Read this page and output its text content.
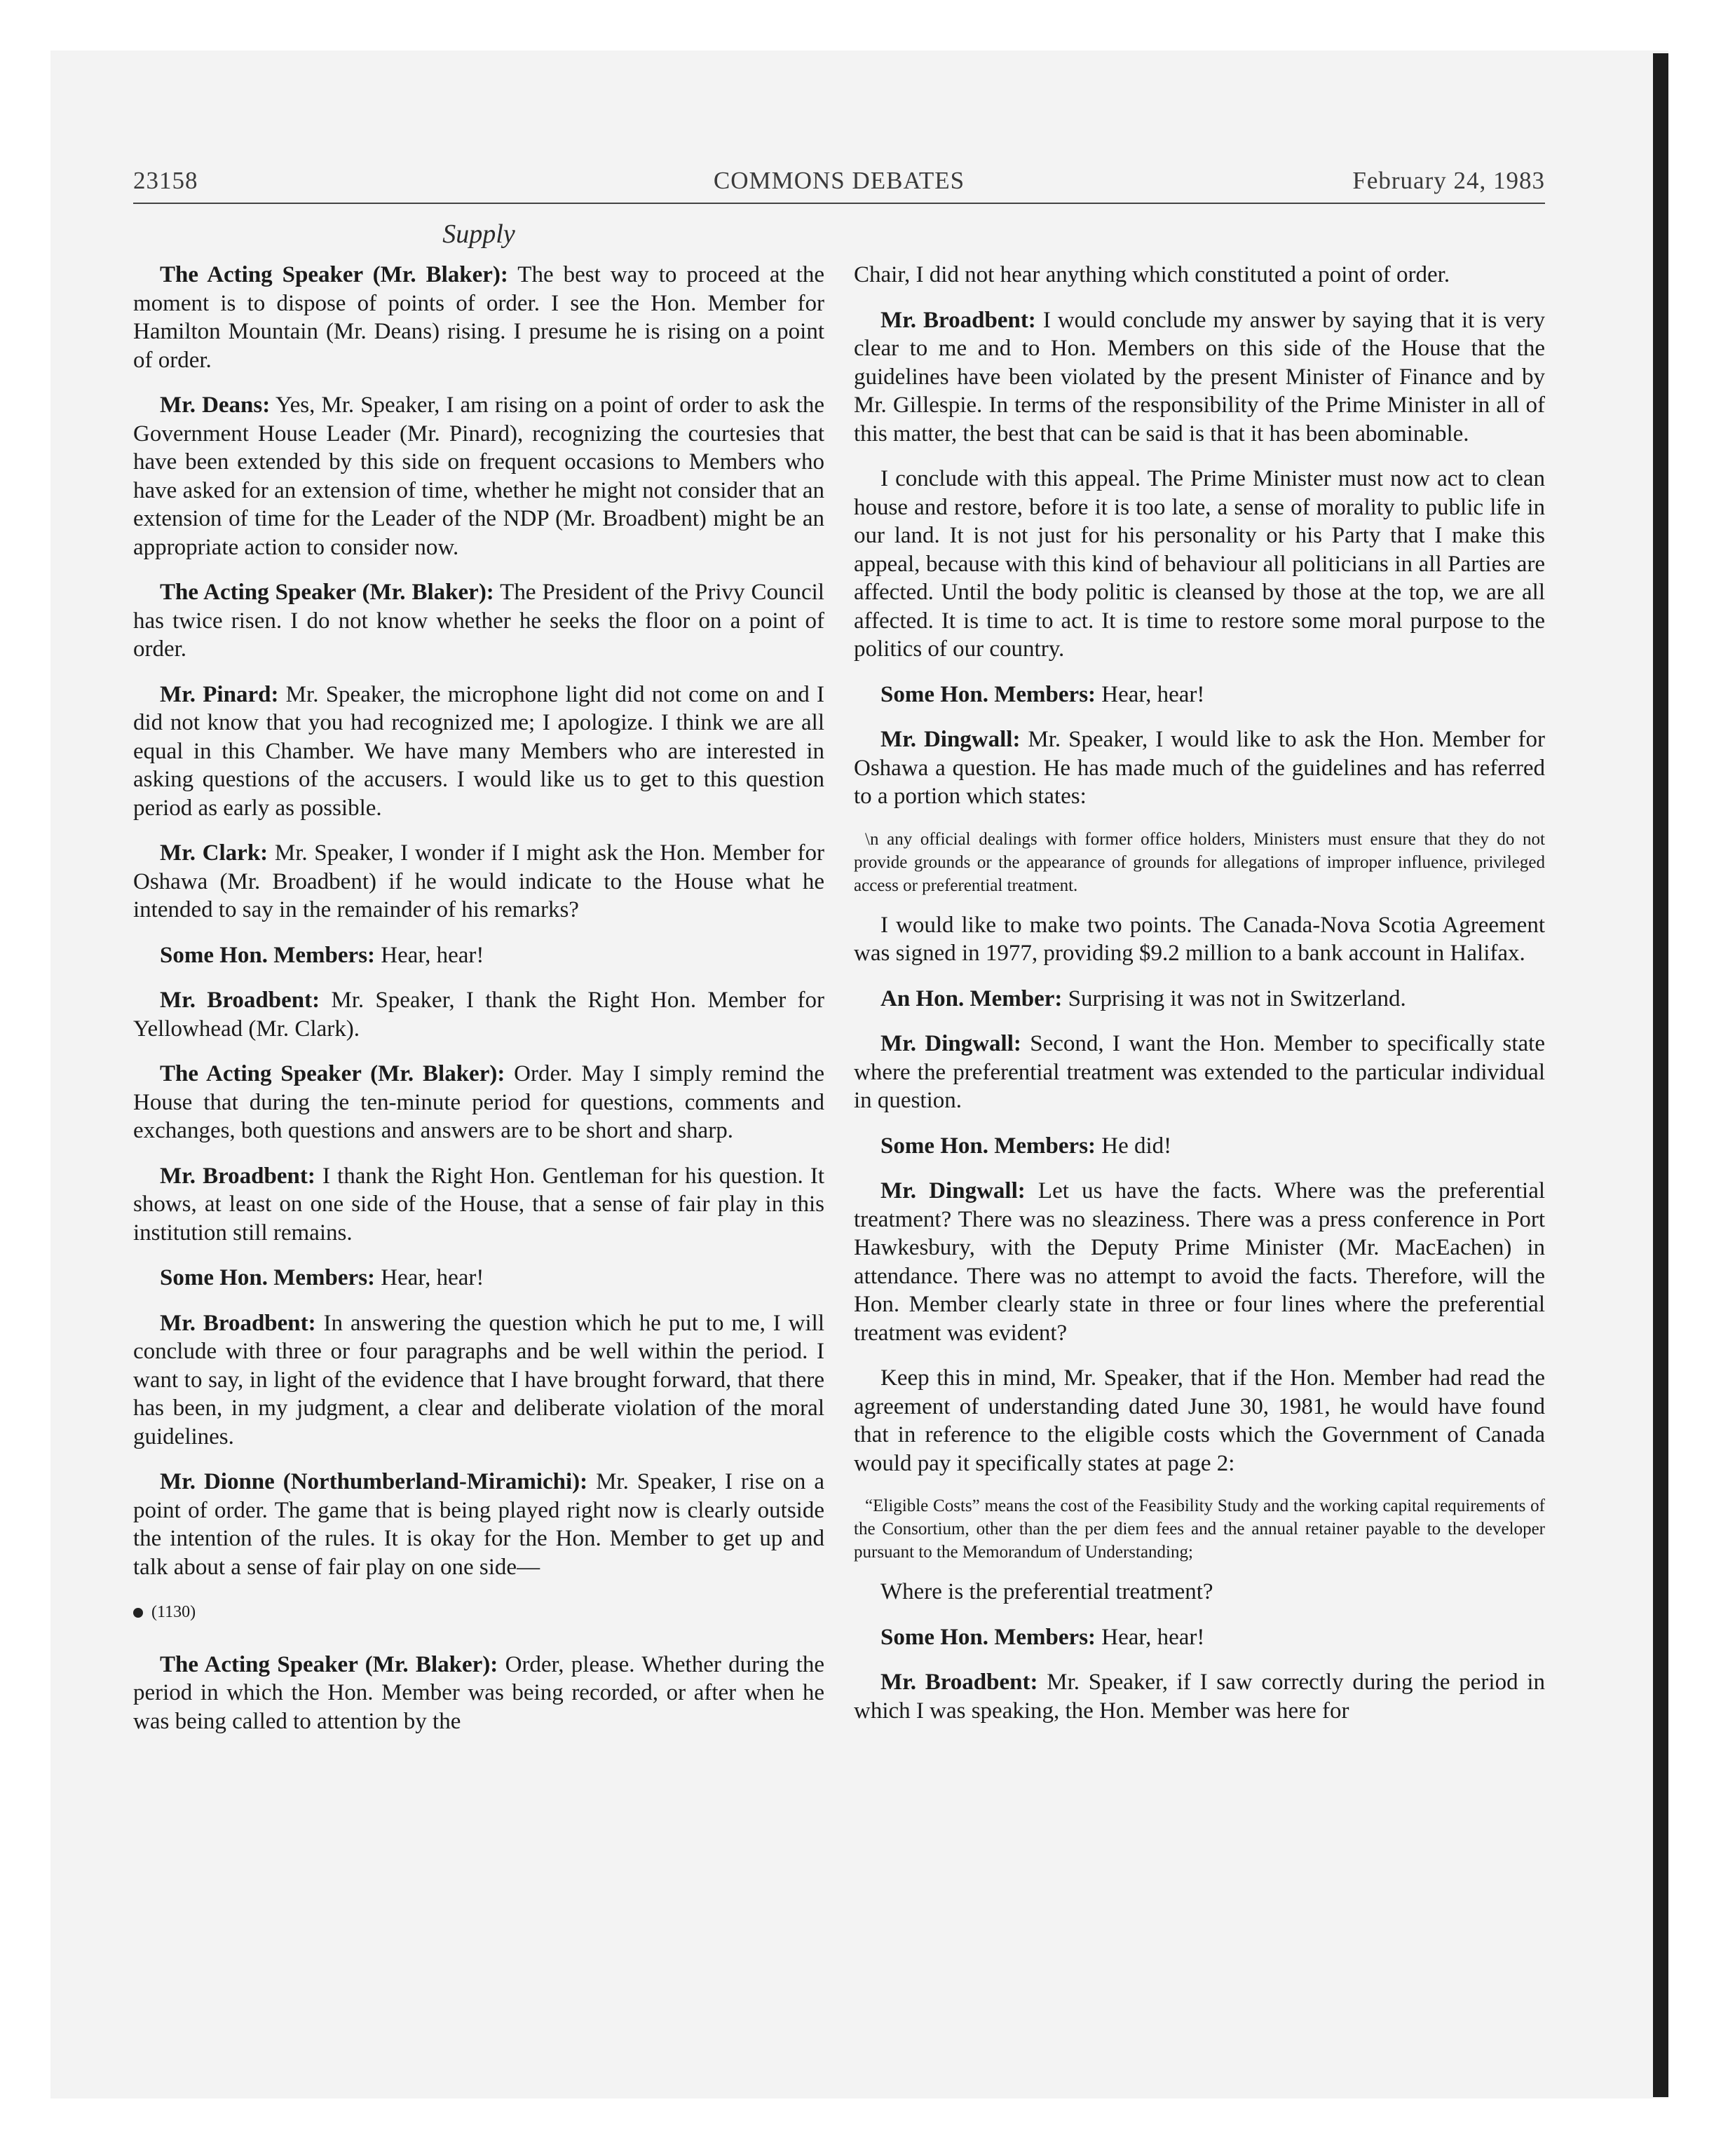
23158	COMMONS DEBATES	February 24, 1983
Supply

The Acting Speaker (Mr. Blaker): The best way to proceed at the moment is to dispose of points of order. I see the Hon. Member for Hamilton Mountain (Mr. Deans) rising. I presume he is rising on a point of order.

Mr. Deans: Yes, Mr. Speaker, I am rising on a point of order to ask the Government House Leader (Mr. Pinard), recognizing the courtesies that have been extended by this side on frequent occasions to Members who have asked for an extension of time, whether he might not consider that an extension of time for the Leader of the NDP (Mr. Broadbent) might be an appropriate action to consider now.

The Acting Speaker (Mr. Blaker): The President of the Privy Council has twice risen. I do not know whether he seeks the floor on a point of order.

Mr. Pinard: Mr. Speaker, the microphone light did not come on and I did not know that you had recognized me; I apologize. I think we are all equal in this Chamber. We have many Members who are interested in asking questions of the accusers. I would like us to get to this question period as early as possible.

Mr. Clark: Mr. Speaker, I wonder if I might ask the Hon. Member for Oshawa (Mr. Broadbent) if he would indicate to the House what he intended to say in the remainder of his remarks?

Some Hon. Members: Hear, hear!

Mr. Broadbent: Mr. Speaker, I thank the Right Hon. Member for Yellowhead (Mr. Clark).

The Acting Speaker (Mr. Blaker): Order. May I simply remind the House that during the ten-minute period for questions, comments and exchanges, both questions and answers are to be short and sharp.

Mr. Broadbent: I thank the Right Hon. Gentleman for his question. It shows, at least on one side of the House, that a sense of fair play in this institution still remains.

Some Hon. Members: Hear, hear!

Mr. Broadbent: In answering the question which he put to me, I will conclude with three or four paragraphs and be well within the period. I want to say, in light of the evidence that I have brought forward, that there has been, in my judgment, a clear and deliberate violation of the moral guidelines.

Mr. Dionne (Northumberland-Miramichi): Mr. Speaker, I rise on a point of order. The game that is being played right now is clearly outside the intention of the rules. It is okay for the Hon. Member to get up and talk about a sense of fair play on one side—

(1130)

The Acting Speaker (Mr. Blaker): Order, please. Whether during the period in which the Hon. Member was being recorded, or after when he was being called to attention by the

Chair, I did not hear anything which constituted a point of order.

Mr. Broadbent: I would conclude my answer by saying that it is very clear to me and to Hon. Members on this side of the House that the guidelines have been violated by the present Minister of Finance and by Mr. Gillespie. In terms of the responsibility of the Prime Minister in all of this matter, the best that can be said is that it has been abominable.

I conclude with this appeal. The Prime Minister must now act to clean house and restore, before it is too late, a sense of morality to public life in our land. It is not just for his personality or his Party that I make this appeal, because with this kind of behaviour all politicians in all Parties are affected. Until the body politic is cleansed by those at the top, we are all affected. It is time to act. It is time to restore some moral purpose to the politics of our country.

Some Hon. Members: Hear, hear!

Mr. Dingwall: Mr. Speaker, I would like to ask the Hon. Member for Oshawa a question. He has made much of the guidelines and has referred to a portion which states:

\n any official dealings with former office holders, Ministers must ensure that they do not provide grounds or the appearance of grounds for allegations of improper influence, privileged access or preferential treatment.

I would like to make two points. The Canada-Nova Scotia Agreement was signed in 1977, providing $9.2 million to a bank account in Halifax.

An Hon. Member: Surprising it was not in Switzerland.

Mr. Dingwall: Second, I want the Hon. Member to specifically state where the preferential treatment was extended to the particular individual in question.

Some Hon. Members: He did!

Mr. Dingwall: Let us have the facts. Where was the preferential treatment? There was no sleaziness. There was a press conference in Port Hawkesbury, with the Deputy Prime Minister (Mr. MacEachen) in attendance. There was no attempt to avoid the facts. Therefore, will the Hon. Member clearly state in three or four lines where the preferential treatment was evident?

Keep this in mind, Mr. Speaker, that if the Hon. Member had read the agreement of understanding dated June 30, 1981, he would have found that in reference to the eligible costs which the Government of Canada would pay it specifically states at page 2:

“Eligible Costs” means the cost of the Feasibility Study and the working capital requirements of the Consortium, other than the per diem fees and the annual retainer payable to the developer pursuant to the Memorandum of Understanding;

Where is the preferential treatment?

Some Hon. Members: Hear, hear!

Mr. Broadbent: Mr. Speaker, if I saw correctly during the period in which I was speaking, the Hon. Member was here for
